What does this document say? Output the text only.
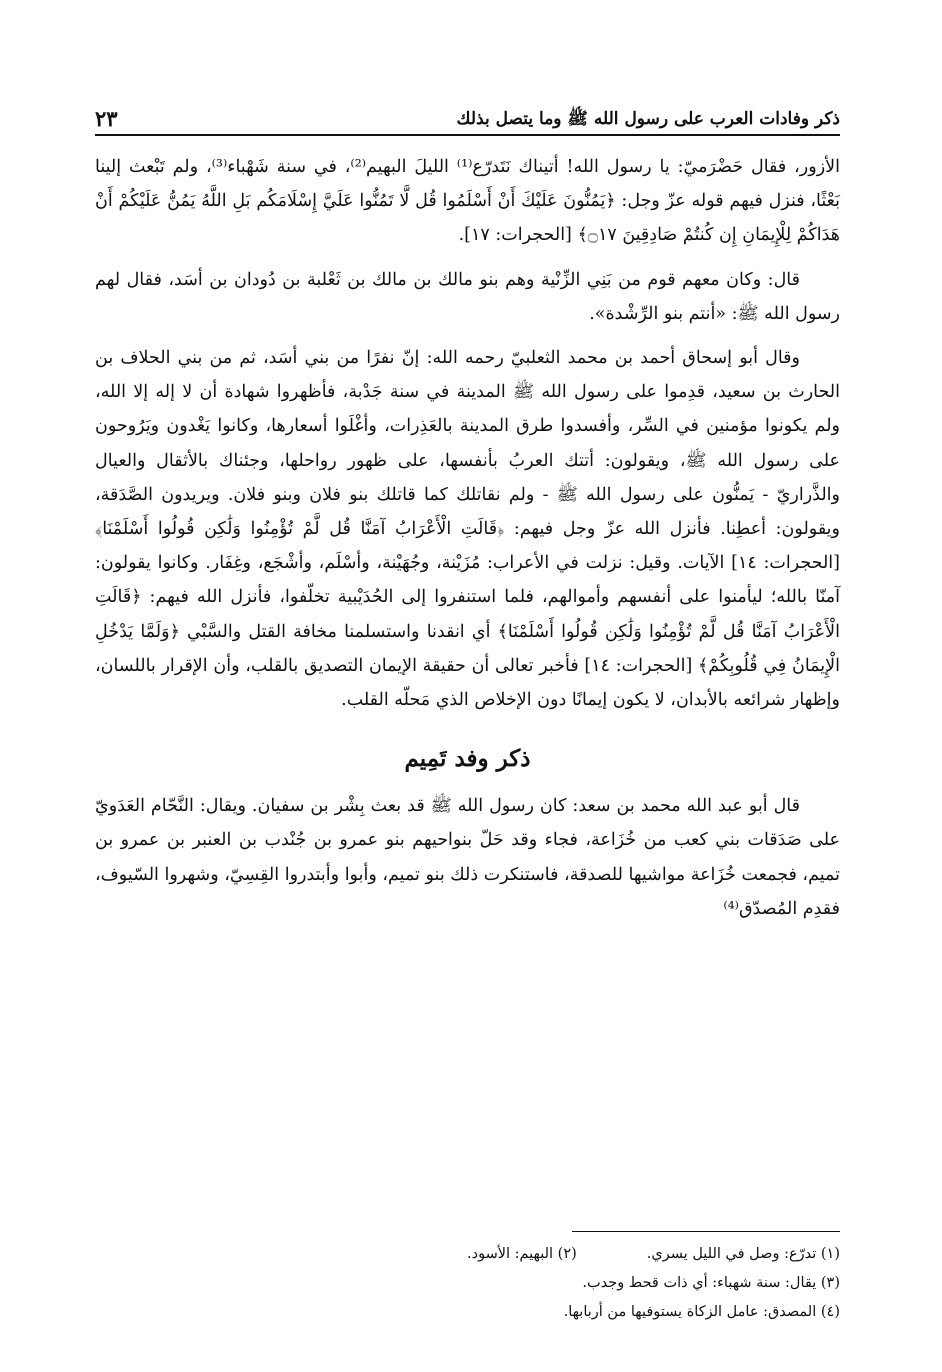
ذكر وفادات العرب على رسول الله ﷺ وما يتصل بذلك
٢٣

الأزور، فقال حَضْرَميّ: يا رسول الله! أتيناك نَتَدرّع⁽¹⁾ الليلَ البهيم⁽²⁾، في سنة شَهْباء⁽³⁾، ولم تَبْعث إلينا بَعْثًا، فنزل فيهم قوله عزّ وجل: ﴿يَمُنُّونَ عَلَيْكَ أَنْ أَسْلَمُوا قُل لَّا تَمُنُّوا عَلَيَّ إِسْلَامَكُم بَلِ اللَّهُ يَمُنُّ عَلَيْكُمْ أَنْ هَدَاكُمْ لِلْإِيمَانِ إِن كُنتُمْ صَادِقِينَ ۝١٧﴾ [الحجرات: ١٧].

قال: وكان معهم قوم من بَنِي الزِّنْية وهم بنو مالك بن مالك بن ثَعْلبة بن دُودان بن أسَد، فقال لهم رسول الله ﷺ: «أنتم بنو الرِّشْدة».

وقال أبو إسحاق أحمد بن محمد الثعلبيّ رحمه الله: إنّ نفرًا من بني أسَد، ثم من بني الحلاف بن الحارث بن سعيد، قدِموا على رسول الله ﷺ المدينة في سنة جَدْبة، فأظهروا شهادة أن لا إله إلا الله، ولم يكونوا مؤمنين في السِّر، وأفسدوا طرق المدينة بالعَذِرات، وأغْلَوا أسعارها، وكانوا يَغْدون ويَرُوحون على رسول الله ﷺ، ويقولون: أتتك العربُ بأنفسها، على ظهور رواحلها، وجئناك بالأثقال والعيال والذَّراريّ - يَمنُّون على رسول الله ﷺ - ولم نقاتلك كما قاتلك بنو فلان وبنو فلان. ويريدون الصَّدَقة، ويقولون: أعطِنا. فأنزل الله عزّ وجل فيهم: ﴿قَالَتِ الْأَعْرَابُ آمَنَّا قُل لَّمْ تُؤْمِنُوا وَلَٰكِن قُولُوا أَسْلَمْنَا﴾ [الحجرات: ١٤] الآيات. وقيل: نزلت في الأعراب: مُزَيْنة، وجُهَيْنة، وأسْلَم، وأشْجَع، وغِفَار. وكانوا يقولون: آمنّا بالله؛ ليأمنوا على أنفسهم وأموالهم، فلما استنفروا إلى الحُدَيْبية تخلّفوا، فأنزل الله فيهم: ﴿قَالَتِ الْأَعْرَابُ آمَنَّا قُل لَّمْ تُؤْمِنُوا وَلَٰكِن قُولُوا أَسْلَمْنَا﴾ أي انقدنا واستسلمنا مخافة القتل والسَّبْي ﴿وَلَمَّا يَدْخُلِ الْإِيمَانُ فِي قُلُوبِكُمْ﴾ [الحجرات: ١٤] فأخبر تعالى أن حقيقة الإيمان التصديق بالقلب، وأن الإقرار باللسان، وإظهار شرائعه بالأبدان، لا يكون إيمانًا دون الإخلاص الذي مَحلّه القلب.

ذكر وفد تَمِيم

قال أبو عبد الله محمد بن سعد: كان رسول الله ﷺ قد بعث بِشْر بن سفيان. ويقال: النَّحّام العَدَويّ على صَدَقات بني كعب من خُزَاعة، فجاء وقد حَلّ بنواحيهم بنو عمرو بن جُنْدب بن العنبر بن عمرو بن تميم، فجمعت خُزَاعة مواشيها للصدقة، فاستنكرت ذلك بنو تميم، وأبوا وأبتدروا القِسِيّ، وشهروا السّيوف، فقدِم المُصدّق⁽⁴⁾

(١) تدرّع: وصل في الليل يسري.
(٢) البهيم: الأسود.
(٣) يقال: سنة شهباء: أي ذات قحط وجدب.
(٤) المصدق: عامل الزكاة يستوفيها من أربابها.
